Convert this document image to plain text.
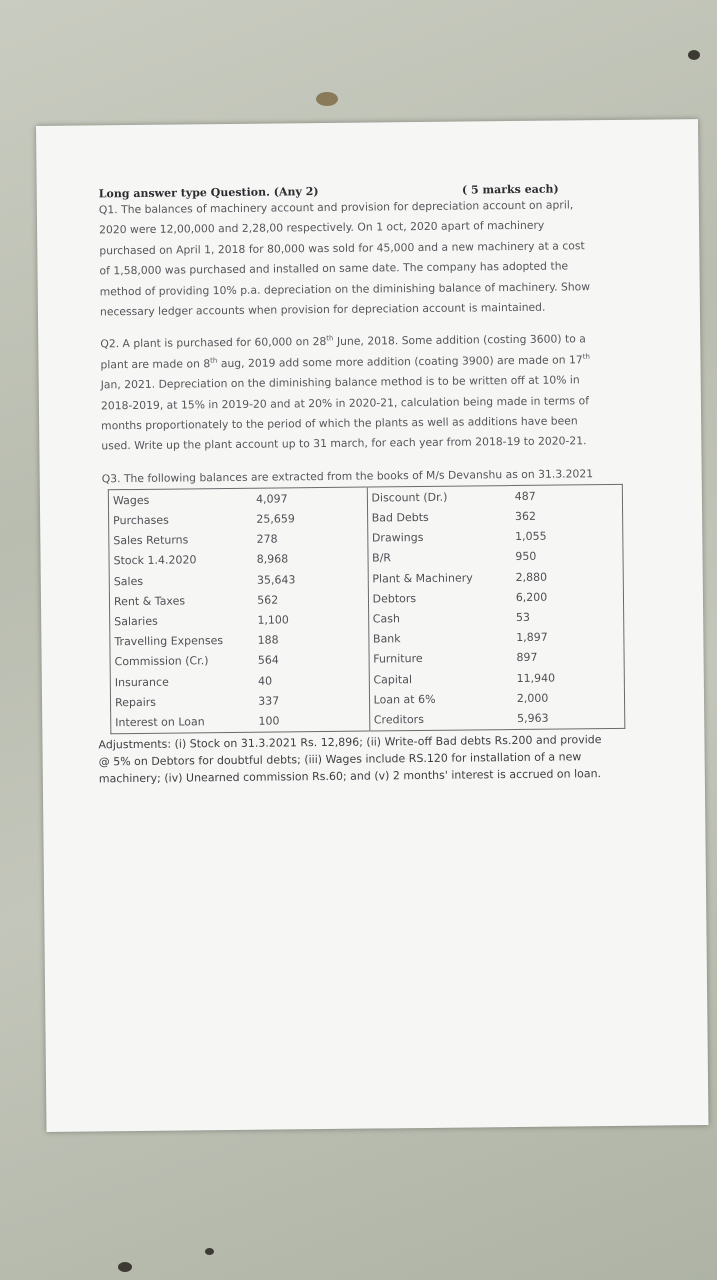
Long answer type Question. (Any 2)	( 5 marks each)

Q1. The balances of machinery account and provision for depreciation account on april,
2020 were 12,00,000 and 2,28,00 respectively. On 1 oct, 2020 apart of machinery
purchased on April 1, 2018 for 80,000 was sold for 45,000 and a new machinery at a cost
of 1,58,000 was purchased and installed on same date. The company has adopted the
method of providing 10% p.a. depreciation on the diminishing balance of machinery. Show
necessary ledger accounts when provision for depreciation account is maintained.

Q2. A plant is purchased for 60,000 on 28th June, 2018. Some addition (costing 3600) to a
plant are made on 8th aug, 2019 add some more addition (coating 3900) are made on 17th
Jan, 2021. Depreciation on the diminishing balance method is to be written off at 10% in
2018-2019, at 15% in 2019-20 and at 20% in 2020-21, calculation being made in terms of
months proportionately to the period of which the plants as well as additions have been
used. Write up the plant account up to 31 march, for each year from 2018-19 to 2020-21.

Q3. The following balances are extracted from the books of M/s Devanshu as on 31.3.2021

Wages	4,097	Discount (Dr.)	487
Purchases	25,659	Bad Debts	362
Sales Returns	278	Drawings	1,055
Stock 1.4.2020	8,968	B/R	950
Sales	35,643	Plant & Machinery	2,880
Rent & Taxes	562	Debtors	6,200
Salaries	1,100	Cash	53
Travelling Expenses	188	Bank	1,897
Commission (Cr.)	564	Furniture	897
Insurance	40	Capital	11,940
Repairs	337	Loan at 6%	2,000
Interest on Loan	100	Creditors	5,963

Adjustments: (i) Stock on 31.3.2021 Rs. 12,896; (ii) Write-off Bad debts Rs.200 and provide
@ 5% on Debtors for doubtful debts; (iii) Wages include RS.120 for installation of a new
machinery; (iv) Unearned commission Rs.60; and (v) 2 months' interest is accrued on loan.
